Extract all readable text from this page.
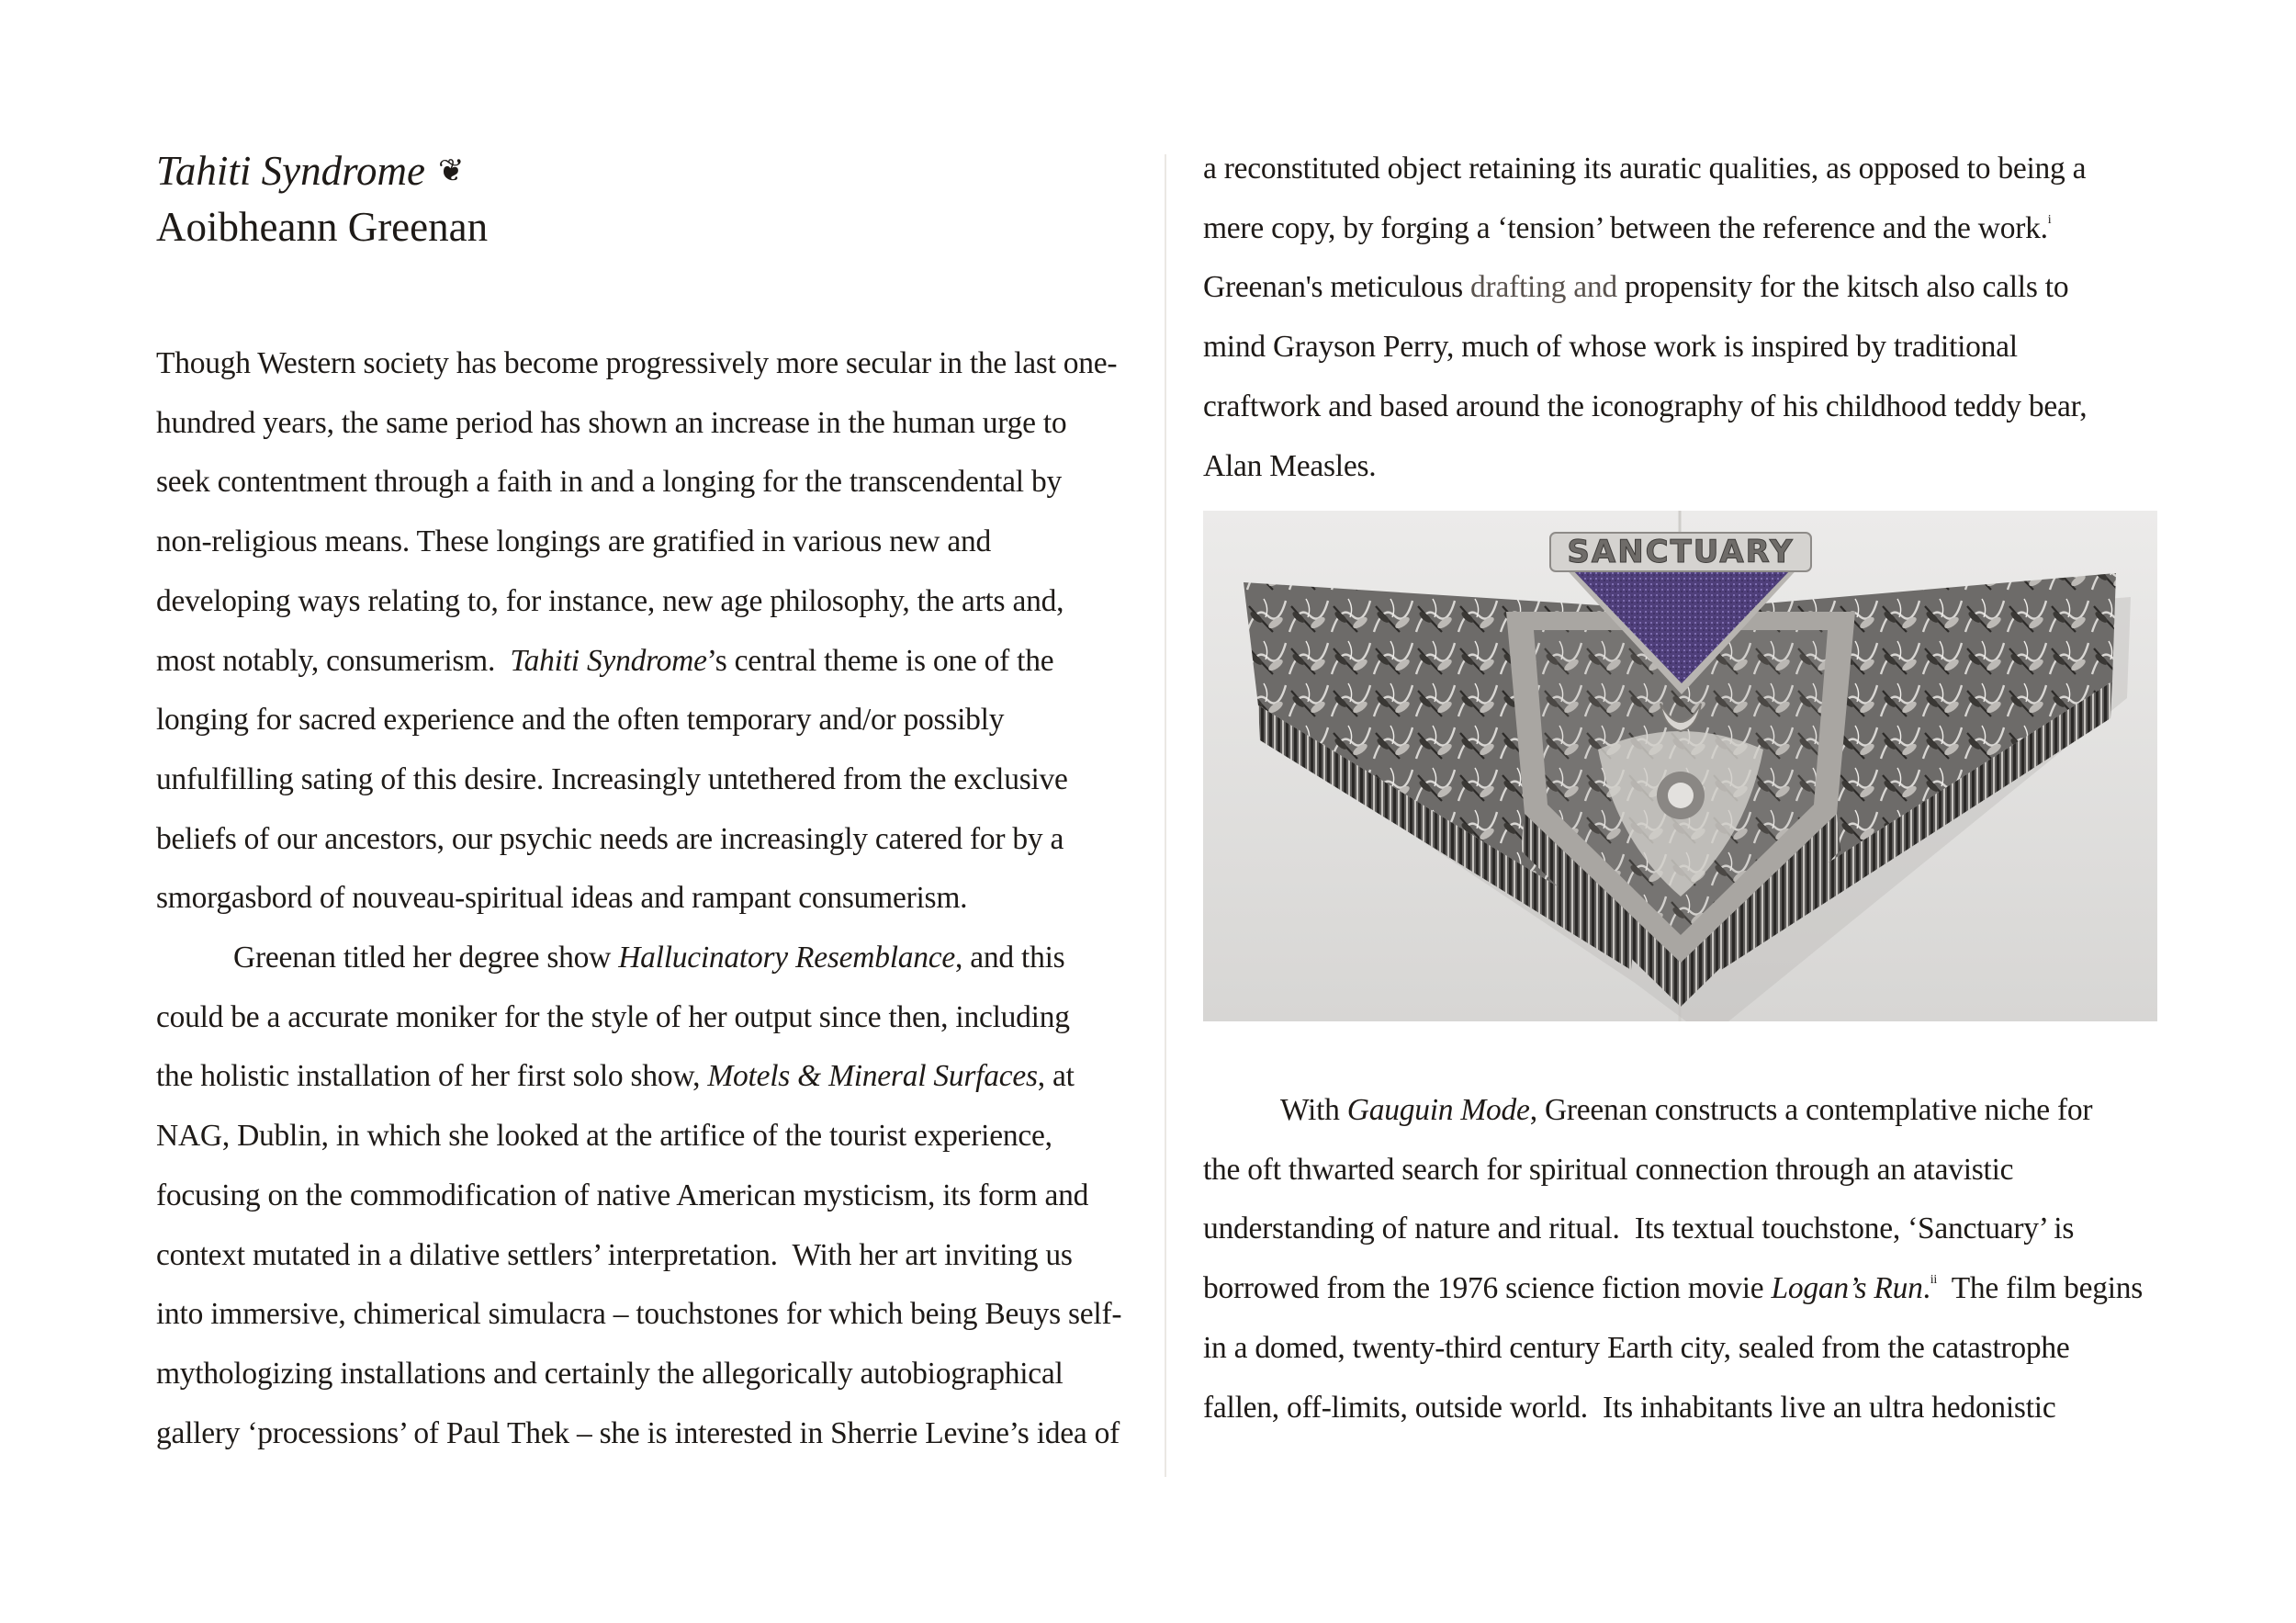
Tahiti Syndrome ❦
Aoibheann Greenan
Though Western society has become progressively more secular in the last one-
hundred years, the same period has shown an increase in the human urge to
seek contentment through a faith in and a longing for the transcendental by
non-religious means. These longings are gratified in various new and
developing ways relating to, for instance, new age philosophy, the arts and,
most notably, consumerism.  Tahiti Syndrome’s central theme is one of the
longing for sacred experience and the often temporary and/or possibly
unfulfilling sating of this desire. Increasingly untethered from the exclusive
beliefs of our ancestors, our psychic needs are increasingly catered for by a
smorgasbord of nouveau-spiritual ideas and rampant consumerism.
Greenan titled her degree show Hallucinatory Resemblance, and this
could be a accurate moniker for the style of her output since then, including
the holistic installation of her first solo show, Motels & Mineral Surfaces, at
NAG, Dublin, in which she looked at the artifice of the tourist experience,
focusing on the commodification of native American mysticism, its form and
context mutated in a dilative settlers’ interpretation.  With her art inviting us
into immersive, chimerical simulacra – touchstones for which being Beuys self-
mythologizing installations and certainly the allegorically autobiographical
gallery ‘processions’ of Paul Thek – she is interested in Sherrie Levine’s idea of
a reconstituted object retaining its auratic qualities, as opposed to being a
mere copy, by forging a ‘tension’ between the reference and the work.$^i$
Greenan's meticulous drafting and propensity for the kitsch also calls to
mind Grayson Perry, much of whose work is inspired by traditional
craftwork and based around the iconography of his childhood teddy bear,
Alan Measles.
SANCTUARY
With Gauguin Mode, Greenan constructs a contemplative niche for
the oft thwarted search for spiritual connection through an atavistic
understanding of nature and ritual.  Its textual touchstone, ‘Sanctuary’ is
borrowed from the 1976 science fiction movie Logan’s Run.$^{ii}$  The film begins
in a domed, twenty-third century Earth city, sealed from the catastrophe
fallen, off-limits, outside world.  Its inhabitants live an ultra hedonistic
